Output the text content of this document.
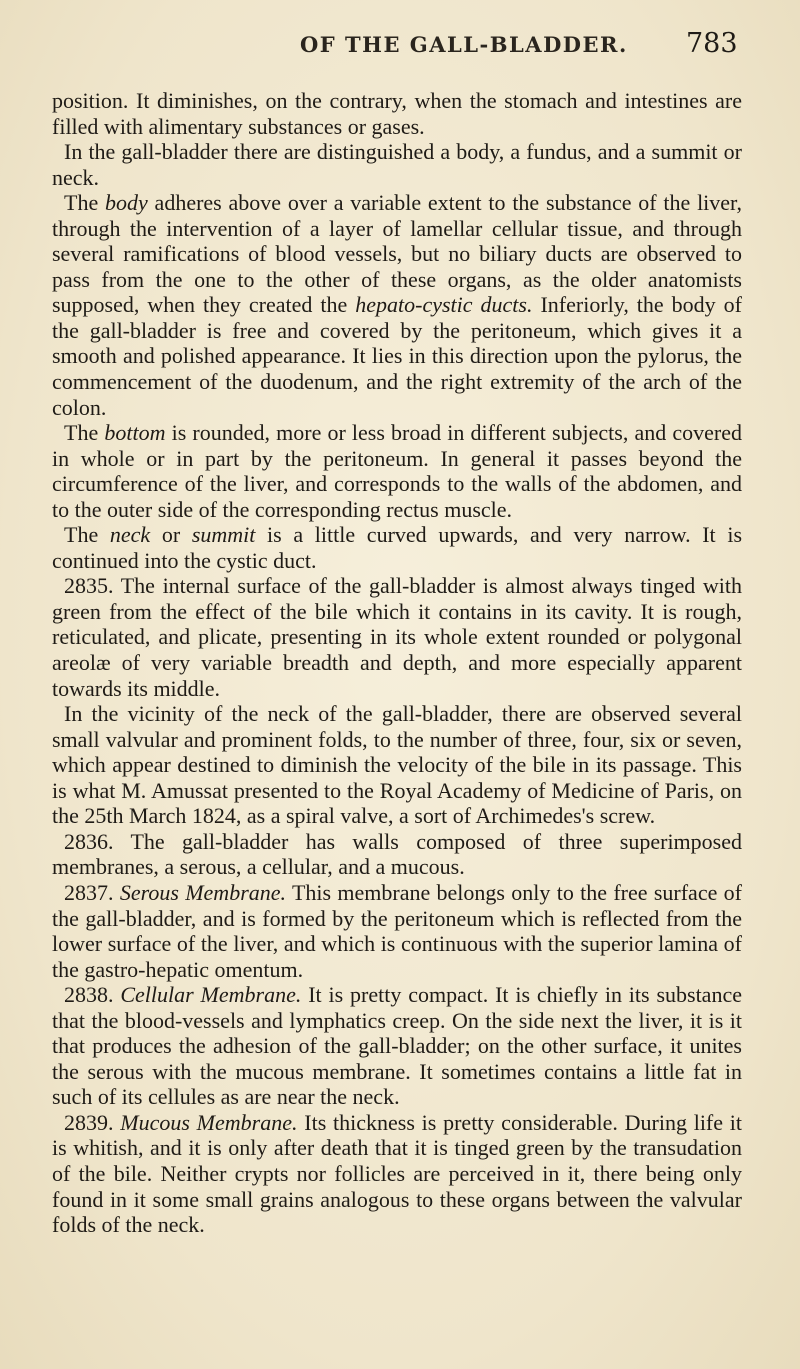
OF THE GALL-BLADDER. 783

position. It diminishes, on the contrary, when the stomach and intestines are filled with alimentary substances or gases.

In the gall-bladder there are distinguished a body, a fundus, and a summit or neck.

The body adheres above over a variable extent to the substance of the liver, through the intervention of a layer of lamellar cellular tissue, and through several ramifications of blood vessels, but no biliary ducts are observed to pass from the one to the other of these organs, as the older anatomists supposed, when they created the hepato-cystic ducts. Inferiorly, the body of the gall-bladder is free and covered by the peritoneum, which gives it a smooth and polished appearance. It lies in this direction upon the pylorus, the commencement of the duodenum, and the right extremity of the arch of the colon.

The bottom is rounded, more or less broad in different subjects, and covered in whole or in part by the peritoneum. In general it passes beyond the circumference of the liver, and corresponds to the walls of the abdomen, and to the outer side of the corresponding rectus muscle.

The neck or summit is a little curved upwards, and very narrow. It is continued into the cystic duct.

2835. The internal surface of the gall-bladder is almost always tinged with green from the effect of the bile which it contains in its cavity. It is rough, reticulated, and plicate, presenting in its whole extent rounded or polygonal areolæ of very variable breadth and depth, and more especially apparent towards its middle.

In the vicinity of the neck of the gall-bladder, there are observed several small valvular and prominent folds, to the number of three, four, six or seven, which appear destined to diminish the velocity of the bile in its passage. This is what M. Amussat presented to the Royal Academy of Medicine of Paris, on the 25th March 1824, as a spiral valve, a sort of Archimedes's screw.

2836. The gall-bladder has walls composed of three superimposed membranes, a serous, a cellular, and a mucous.

2837. Serous Membrane. This membrane belongs only to the free surface of the gall-bladder, and is formed by the peritoneum which is reflected from the lower surface of the liver, and which is continuous with the superior lamina of the gastro-hepatic omentum.

2838. Cellular Membrane. It is pretty compact. It is chiefly in its substance that the blood-vessels and lymphatics creep. On the side next the liver, it is it that produces the adhesion of the gall-bladder; on the other surface, it unites the serous with the mucous membrane. It sometimes contains a little fat in such of its cellules as are near the neck.

2839. Mucous Membrane. Its thickness is pretty considerable. During life it is whitish, and it is only after death that it is tinged green by the transudation of the bile. Neither crypts nor follicles are perceived in it, there being only found in it some small grains analogous to these organs between the valvular folds of the neck.
